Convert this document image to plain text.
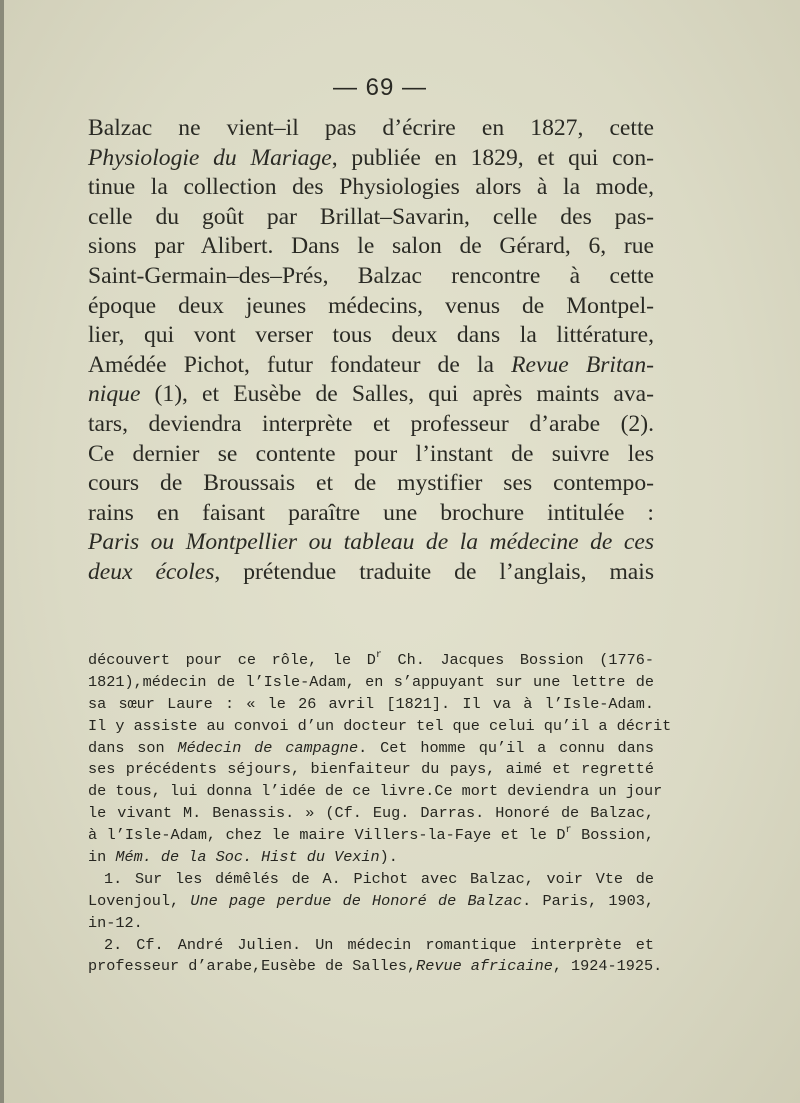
— 69 —
Balzac ne vient–il pas d’écrire en 1827, cette
Physiologie du Mariage, publiée en 1829, et qui con-
tinue la collection des Physiologies alors à la mode,
celle du goût par Brillat–Savarin, celle des pas-
sions par Alibert. Dans le salon de Gérard, 6, rue
Saint-Germain–des–Prés, Balzac rencontre à cette
époque deux jeunes médecins, venus de Montpel-
lier, qui vont verser tous deux dans la littérature,
Amédée Pichot, futur fondateur de la Revue Britan-
nique (1), et Eusèbe de Salles, qui après maints ava-
tars, deviendra interprète et professeur d’arabe (2).
Ce dernier se contente pour l’instant de suivre les
cours de Broussais et de mystifier ses contempo-
rains en faisant paraître une brochure intitulée :
Paris ou Montpellier ou tableau de la médecine de ces
deux écoles, prétendue traduite de l’anglais, mais
découvert pour ce rôle, le $D^r$ Ch. Jacques Bossion (1776-
1821),médecin de l’Isle-Adam, en s’appuyant sur une lettre de
sa sœur Laure : « le 26 avril [1821]. Il va à l’Isle-Adam.
Il y assiste au convoi d’un docteur tel que celui qu’il a décrit
dans son Médecin de campagne. Cet homme qu’il a connu dans
ses précédents séjours, bienfaiteur du pays, aimé et regretté
de tous, lui donna l’idée de ce livre.Ce mort deviendra un jour
le vivant M. Benassis. » (Cf. Eug. Darras. Honoré de Balzac,
à l’Isle-Adam, chez le maire Villers-la-Faye et le $D^r$ Bossion,
in Mém. de la Soc. Hist du Vexin).
1. Sur les démêlés de A. Pichot avec Balzac, voir Vte de
Lovenjoul, Une page perdue de Honoré de Balzac. Paris, 1903,
in-12.
2. Cf. André Julien. Un médecin romantique interprète et
professeur d’arabe,Eusèbe de Salles,Revue africaine, 1924-1925.
